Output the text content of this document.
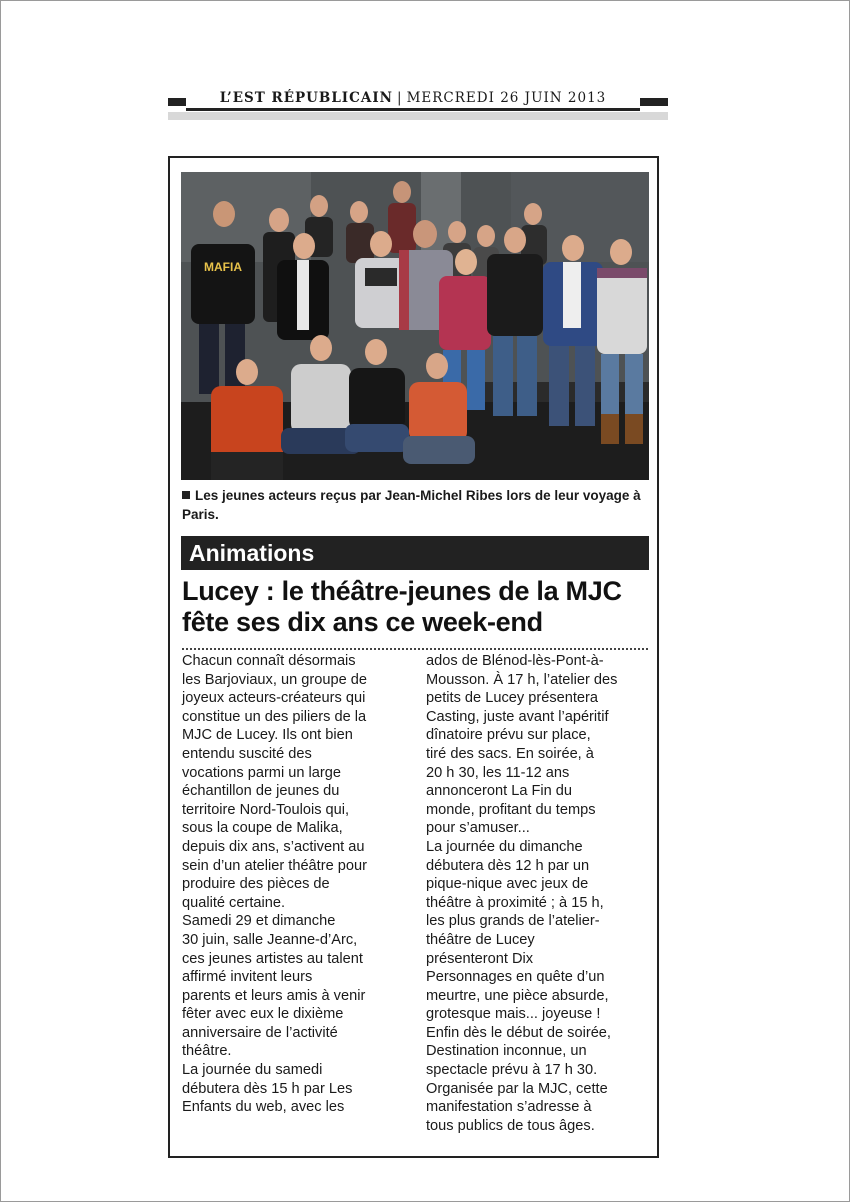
L’EST RÉPUBLICAIN | MERCREDI 26 JUIN 2013
MAFIA
Les jeunes acteurs reçus par Jean-Michel Ribes lors de leur voyage à Paris.
Animations
Lucey : le théâtre-jeunes de la MJC
fête ses dix ans ce week-end
Chacun connaît désormais
les Barjoviaux, un groupe de
joyeux acteurs-créateurs qui
constitue un des piliers de la
MJC de Lucey. Ils ont bien
entendu suscité des
vocations parmi un large
échantillon de jeunes du
territoire Nord-Toulois qui,
sous la coupe de Malika,
depuis dix ans, s’activent au
sein d’un atelier théâtre pour
produire des pièces de
qualité certaine.
Samedi 29 et dimanche
30 juin, salle Jeanne-d’Arc,
ces jeunes artistes au talent
affirmé invitent leurs
parents et leurs amis à venir
fêter avec eux le dixième
anniversaire de l’activité
théâtre.
La journée du samedi
débutera dès 15 h par Les
Enfants du web, avec les
ados de Blénod-lès-Pont-à-
Mousson. À 17 h, l’atelier des
petits de Lucey présentera
Casting, juste avant l’apéritif
dînatoire prévu sur place,
tiré des sacs. En soirée, à
20 h 30, les 11-12 ans
annonceront La Fin du
monde, profitant du temps
pour s’amuser...
La journée du dimanche
débutera dès 12 h par un
pique-nique avec jeux de
théâtre à proximité ; à 15 h,
les plus grands de l’atelier-
théâtre de Lucey
présenteront Dix
Personnages en quête d’un
meurtre, une pièce absurde,
grotesque mais... joyeuse !
Enfin dès le début de soirée,
Destination inconnue, un
spectacle prévu à 17 h 30.
Organisée par la MJC, cette
manifestation s’adresse à
tous publics de tous âges.
